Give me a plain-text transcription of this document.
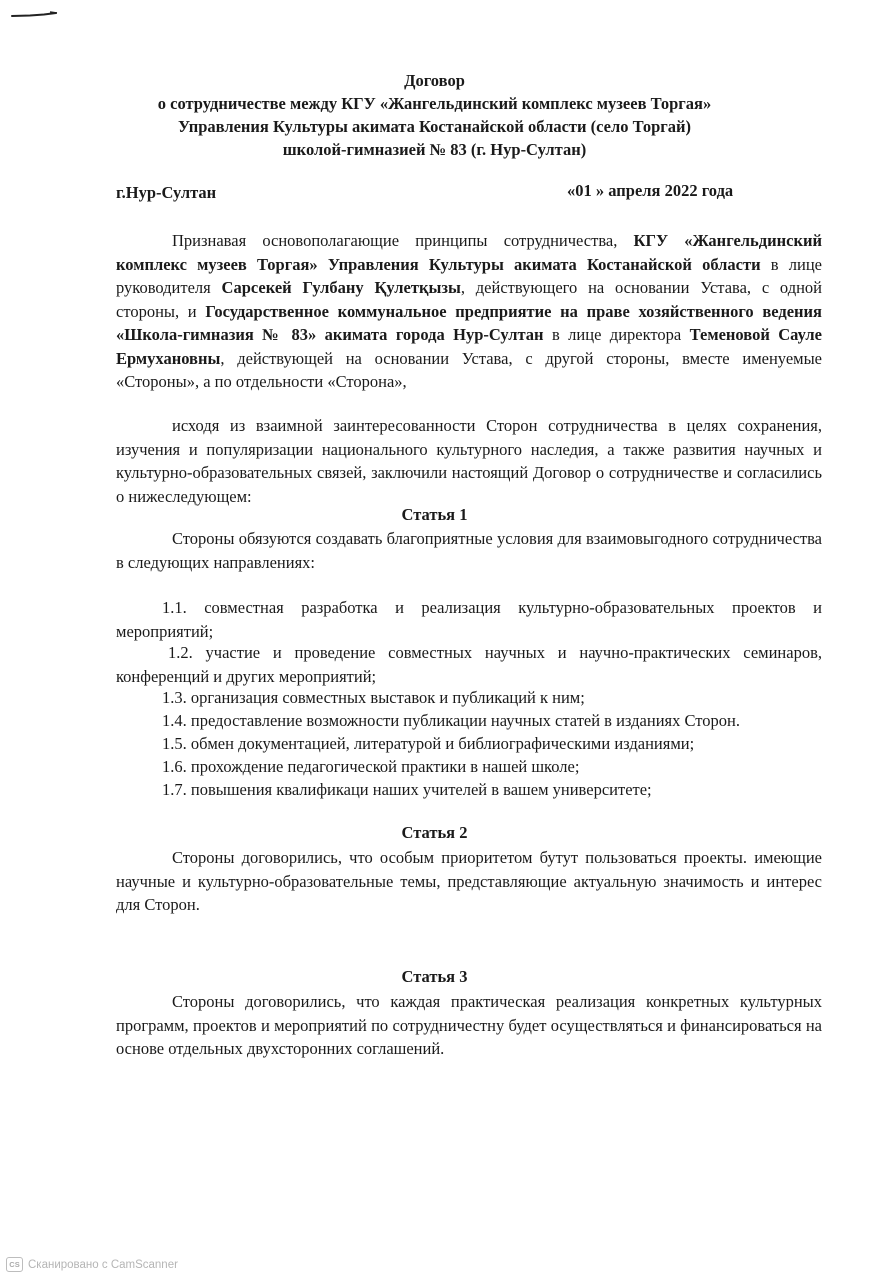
Договор
о сотрудничестве между КГУ «Жангельдинский комплекс музеев Торгая»
Управления Культуры акимата Костанайской области (село Торгай)
школой-гимназией № 83 (г. Нур-Султан)
г.Нур-Султан	«01 » апреля 2022 года
Признавая основополагающие принципы сотрудничества, КГУ «Жангельдинский комплекс музеев Торгая» Управления Культуры акимата Костанайской области в лице руководителя Сарсекей Гулбану Қулетқызы, действующего на основании Устава, с одной стороны, и Государственное коммунальное предприятие на праве хозяйственного ведения «Школа-гимназия № 83» акимата города Нур-Султан в лице директора Теменовой Сауле Ермухановны, действующей на основании Устава, с другой стороны, вместе именуемые «Стороны», а по отдельности «Сторона»,
исходя из взаимной заинтересованности Сторон сотрудничества в целях сохранения, изучения и популяризации национального культурного наследия, а также развития научных и культурно-образовательных связей, заключили настоящий Договор о сотрудничестве и согласились о нижеследующем:
Статья 1
Стороны обязуются создавать благоприятные условия для взаимовыгодного сотрудничества в следующих направлениях:
1.1. совместная разработка и реализация культурно-образовательных проектов и мероприятий;
1.2. участие и проведение совместных научных и научно-практических семинаров, конференций и других мероприятий;
1.3. организация совместных выставок и публикаций к ним;
1.4. предоставление возможности публикации научных статей в изданиях Сторон.
1.5. обмен документацией, литературой и библиографическими изданиями;
1.6. прохождение педагогической практики в нашей школе;
1.7. повышения квалификаци наших учителей в вашем университете;
Статья 2
Стороны договорились, что особым приоритетом бутут пользоваться проекты. имеющие научные и культурно-образовательные темы, представляющие актуальную значимость и интерес для Сторон.
Статья 3
Стороны договорились, что каждая практическая реализация конкретных культурных программ, проектов и мероприятий по сотрудничестну будет осуществляться и финансироваться на основе отдельных двухсторонних соглашений.
CS Сканировано с CamScanner
